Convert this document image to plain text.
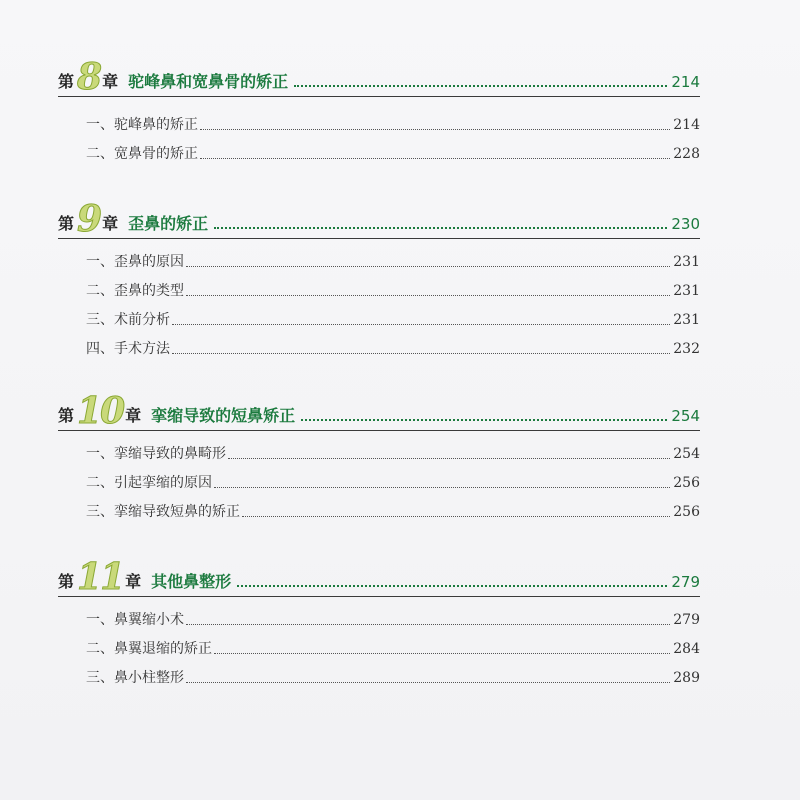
第 8 章 驼峰鼻和宽鼻骨的矫正	214
一、驼峰鼻的矫正	214
二、宽鼻骨的矫正	228
第 9 章 歪鼻的矫正	230
一、歪鼻的原因	231
二、歪鼻的类型	231
三、术前分析	231
四、手术方法	232
第 10 章 挛缩导致的短鼻矫正	254
一、挛缩导致的鼻畸形	254
二、引起挛缩的原因	256
三、挛缩导致短鼻的矫正	256
第 11 章 其他鼻整形	279
一、鼻翼缩小术	279
二、鼻翼退缩的矫正	284
三、鼻小柱整形	289
